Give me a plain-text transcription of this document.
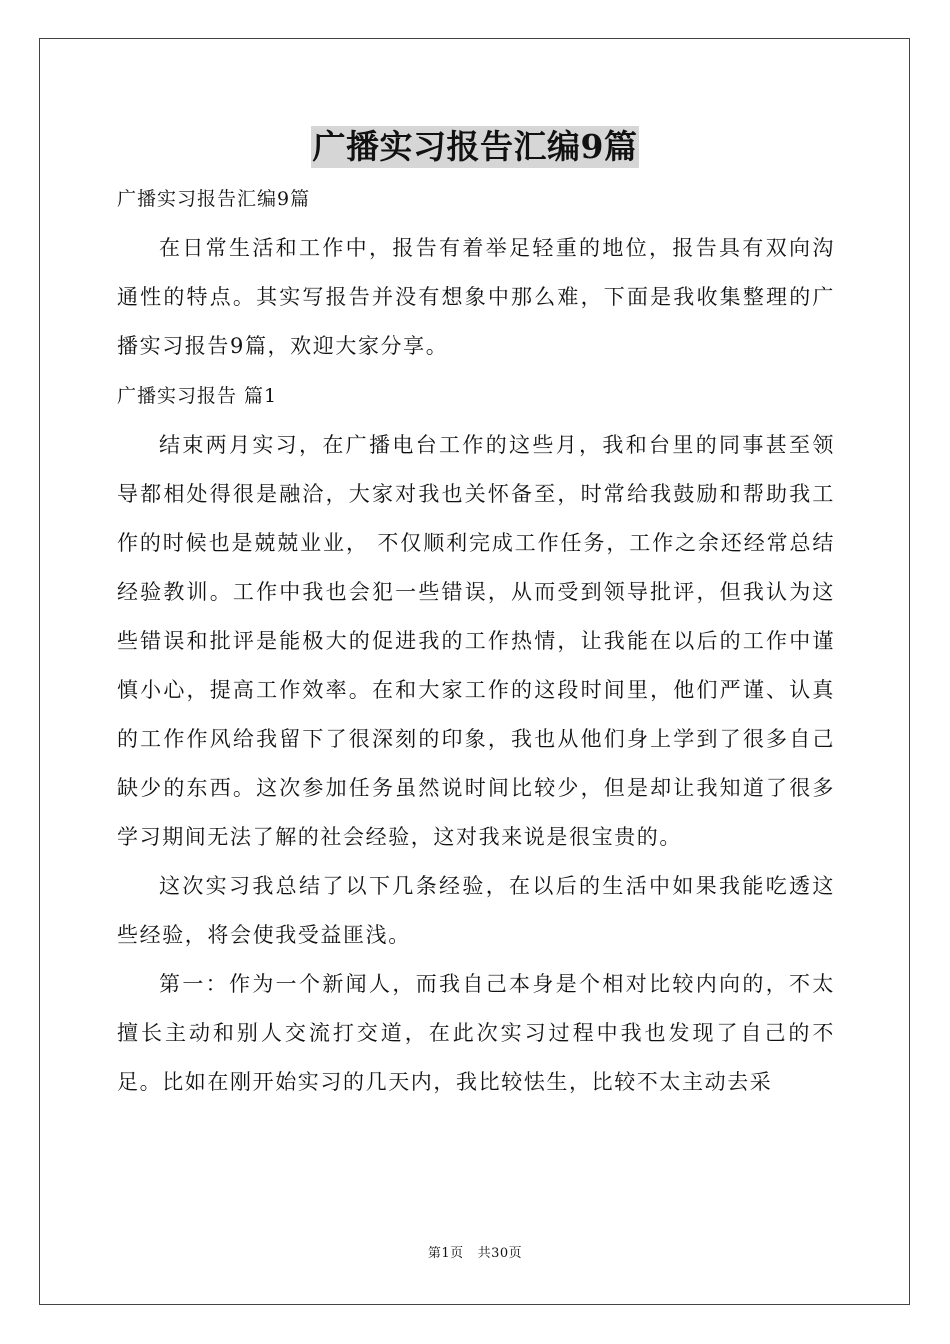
广播实习报告汇编9篇

广播实习报告汇编9篇

在日常生活和工作中，报告有着举足轻重的地位，报告具有双向沟通性的特点。其实写报告并没有想象中那么难，下面是我收集整理的广播实习报告9篇，欢迎大家分享。

广播实习报告 篇1

结束两月实习，在广播电台工作的这些月，我和台里的同事甚至领导都相处得很是融洽，大家对我也关怀备至，时常给我鼓励和帮助我工作的时候也是兢兢业业， 不仅顺利完成工作任务，工作之余还经常总结经验教训。工作中我也会犯一些错误，从而受到领导批评，但我认为这些错误和批评是能极大的促进我的工作热情，让我能在以后的工作中谨慎小心，提高工作效率。在和大家工作的这段时间里，他们严谨、认真的工作作风给我留下了很深刻的印象，我也从他们身上学到了很多自己缺少的东西。这次参加任务虽然说时间比较少，但是却让我知道了很多学习期间无法了解的社会经验，这对我来说是很宝贵的。

这次实习我总结了以下几条经验，在以后的生活中如果我能吃透这些经验，将会使我受益匪浅。

第一：作为一个新闻人，而我自己本身是个相对比较内向的，不太擅长主动和别人交流打交道，在此次实习过程中我也发现了自己的不足。比如在刚开始实习的几天内，我比较怯生，比较不太主动去采

第1页 共30页
